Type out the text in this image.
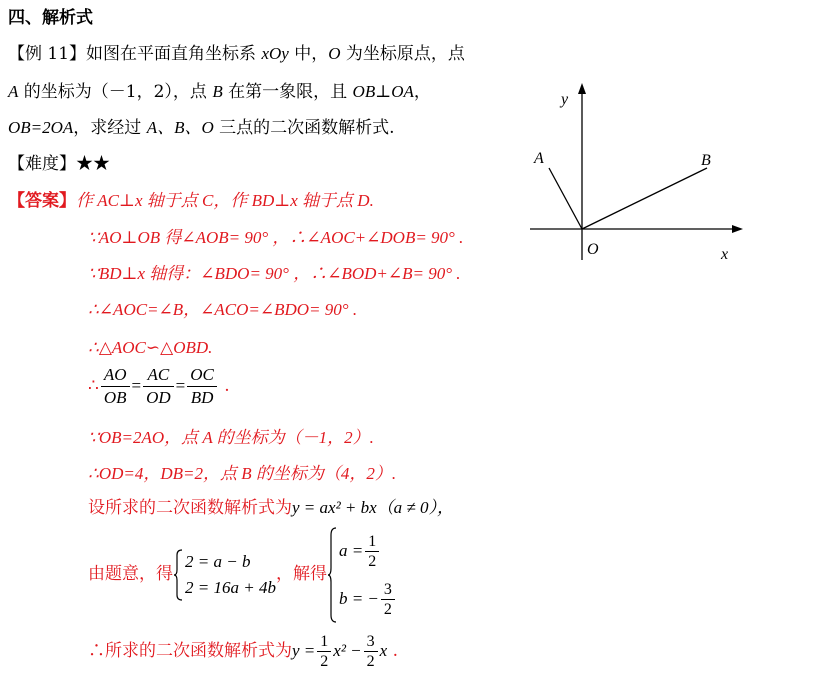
四、解析式
【例 11】如图在平面直角坐标系 xOy 中，O 为坐标原点，点
A 的坐标为（－1，2），点 B 在第一象限，且 OB⊥OA，
OB=2OA，求经过 A、B、O 三点的二次函数解析式.
【难度】★★
【答案】作 AC⊥x 轴于点 C，作 BD⊥x 轴于点 D.
∵AO⊥OB 得∠AOB= 90° ，∴∠AOC+∠DOB= 90° .
∵BD⊥x 轴得：∠BDO= 90° ，∴∠BOD+∠B= 90° .
∴∠AOC=∠B，∠ACO=∠BDO= 90° .
∴△AOC∽△OBD.
∴ $\frac{AO}{OB} = \frac{AC}{OD} = \frac{OC}{BD}$ .
∵OB=2AO，点 A 的坐标为（－1，2）.
∴OD=4，DB=2，点 B 的坐标为（4，2）.
设所求的二次函数解析式为y = ax² + bx（a ≠ 0），
由题意，得
2 = a − b
2 = 16a + 4b
，解得
$a = \frac{1}{2}$
b = − $\frac{3}{2}$
∴所求的二次函数解析式为$y = \frac{1}{2} x^2 - \frac{3}{2}$ x .
y
x
O
A	B
